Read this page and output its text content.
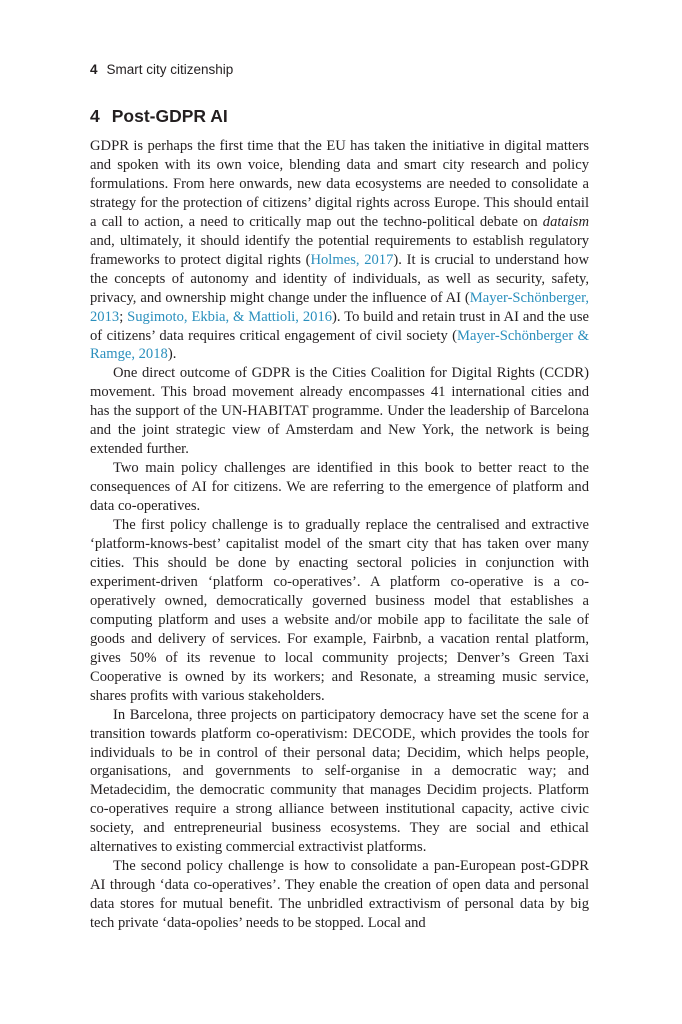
4 Smart city citizenship
4 Post-GDPR AI

GDPR is perhaps the first time that the EU has taken the initiative in digital matters and spoken with its own voice, blending data and smart city research and policy formulations. From here onwards, new data ecosystems are needed to consolidate a strategy for the protection of citizens’ digital rights across Europe. This should entail a call to action, a need to critically map out the techno-political debate on dataism and, ultimately, it should identify the potential requirements to establish regulatory frameworks to protect digital rights (Holmes, 2017). It is crucial to understand how the concepts of autonomy and identity of individuals, as well as security, safety, privacy, and ownership might change under the influence of AI (Mayer-Schönberger, 2013; Sugimoto, Ekbia, & Mattioli, 2016). To build and retain trust in AI and the use of citizens’ data requires critical engagement of civil society (Mayer-Schönberger & Ramge, 2018).

One direct outcome of GDPR is the Cities Coalition for Digital Rights (CCDR) movement. This broad movement already encompasses 41 international cities and has the support of the UN-HABITAT programme. Under the leadership of Barcelona and the joint strategic view of Amsterdam and New York, the network is being extended further.

Two main policy challenges are identified in this book to better react to the consequences of AI for citizens. We are referring to the emergence of platform and data co-operatives.

The first policy challenge is to gradually replace the centralised and extractive ‘platform-knows-best’ capitalist model of the smart city that has taken over many cities. This should be done by enacting sectoral policies in conjunction with experiment-driven ‘platform co-operatives’. A platform co-operative is a co-operatively owned, democratically governed business model that establishes a computing platform and uses a website and/or mobile app to facilitate the sale of goods and delivery of services. For example, Fairbnb, a vacation rental platform, gives 50% of its revenue to local community projects; Denver’s Green Taxi Cooperative is owned by its workers; and Resonate, a streaming music service, shares profits with various stakeholders.

In Barcelona, three projects on participatory democracy have set the scene for a transition towards platform co-operativism: DECODE, which provides the tools for individuals to be in control of their personal data; Decidim, which helps people, organisations, and governments to self-organise in a democratic way; and Metadecidim, the democratic community that manages Decidim projects. Platform co-operatives require a strong alliance between institutional capacity, active civic society, and entrepreneurial business ecosystems. They are social and ethical alternatives to existing commercial extractivist platforms.

The second policy challenge is how to consolidate a pan-European post-GDPR AI through ‘data co-operatives’. They enable the creation of open data and personal data stores for mutual benefit. The unbridled extractivism of personal data by big tech private ‘data-opolies’ needs to be stopped. Local and
